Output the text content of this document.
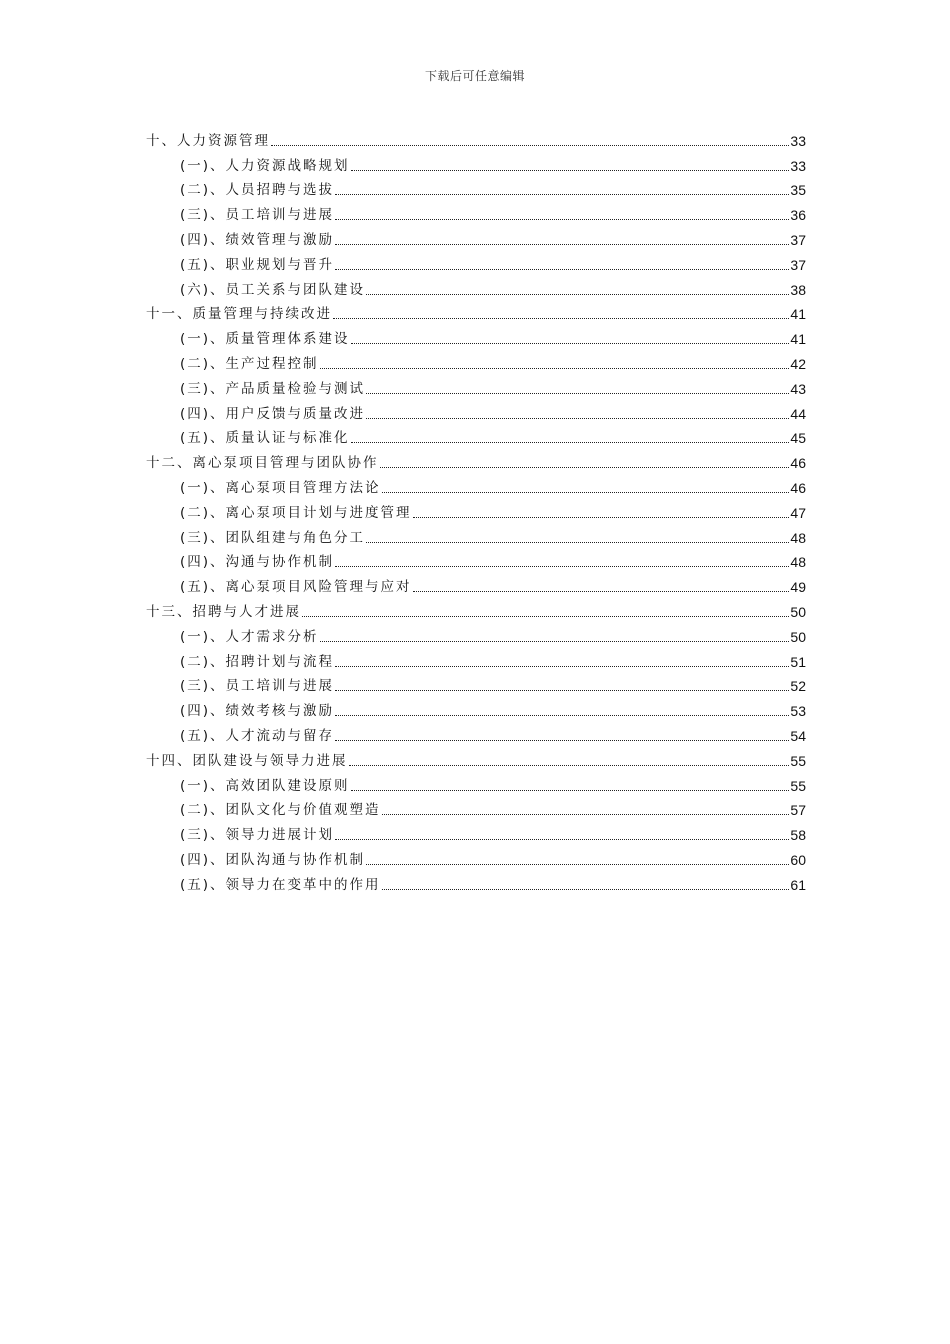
下载后可任意编辑
十、人力资源管理	33
(一)、人力资源战略规划	33
(二)、人员招聘与选拔	35
(三)、员工培训与进展	36
(四)、绩效管理与激励	37
(五)、职业规划与晋升	37
(六)、员工关系与团队建设	38
十一、质量管理与持续改进	41
(一)、质量管理体系建设	41
(二)、生产过程控制	42
(三)、产品质量检验与测试	43
(四)、用户反馈与质量改进	44
(五)、质量认证与标准化	45
十二、离心泵项目管理与团队协作	46
(一)、离心泵项目管理方法论	46
(二)、离心泵项目计划与进度管理	47
(三)、团队组建与角色分工	48
(四)、沟通与协作机制	48
(五)、离心泵项目风险管理与应对	49
十三、招聘与人才进展	50
(一)、人才需求分析	50
(二)、招聘计划与流程	51
(三)、员工培训与进展	52
(四)、绩效考核与激励	53
(五)、人才流动与留存	54
十四、团队建设与领导力进展	55
(一)、高效团队建设原则	55
(二)、团队文化与价值观塑造	57
(三)、领导力进展计划	58
(四)、团队沟通与协作机制	60
(五)、领导力在变革中的作用	61
